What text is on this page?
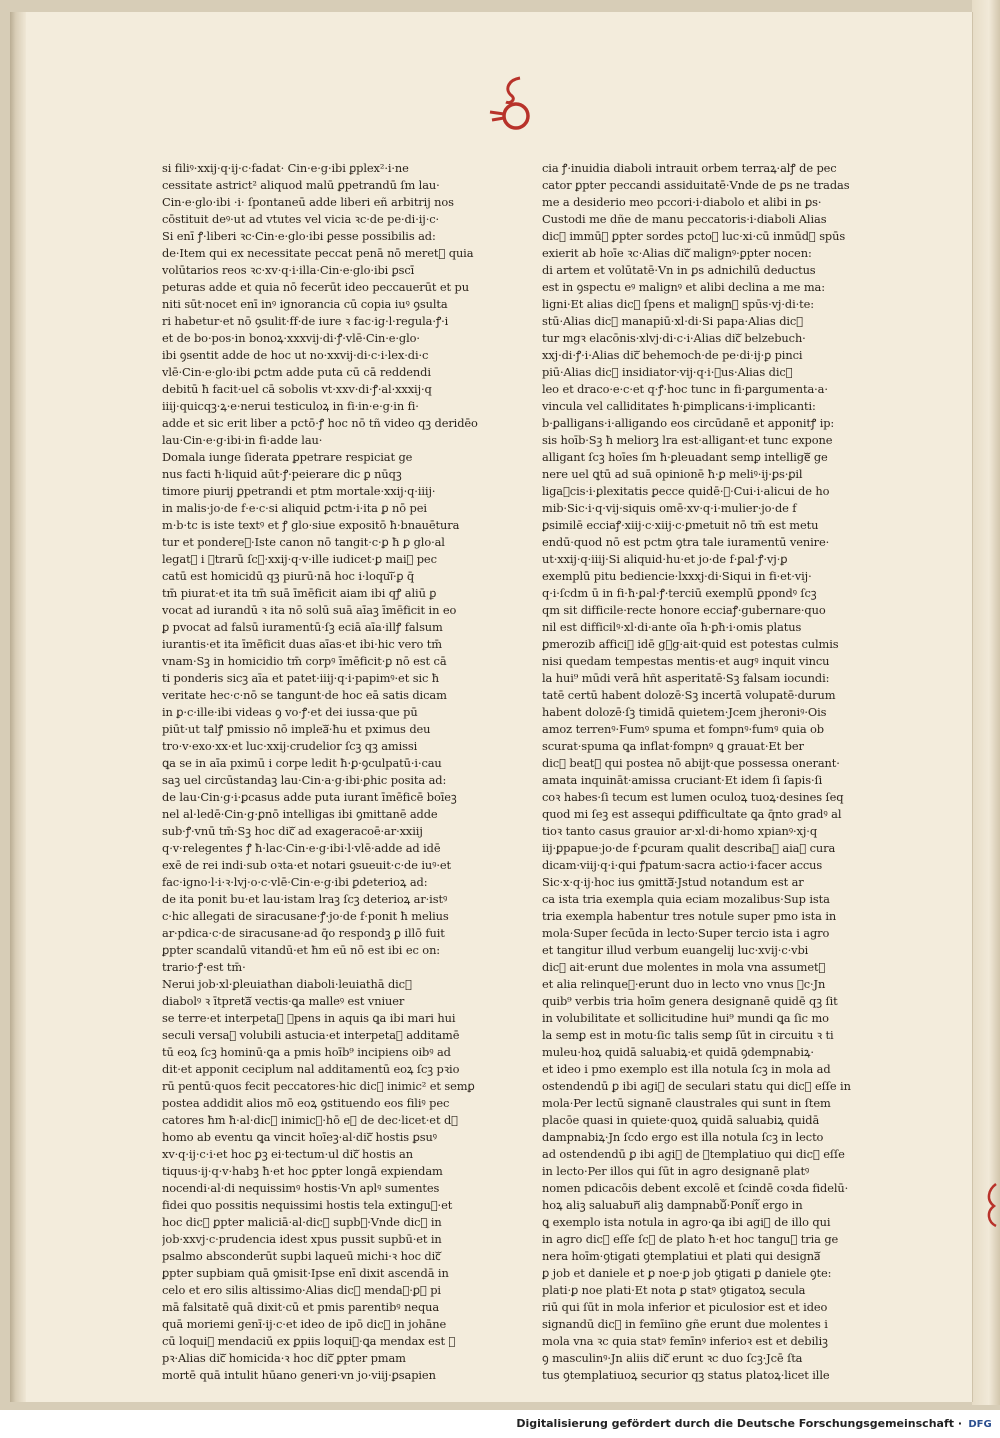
si filiꝰ·xxij·q·ij·c·fadat· Cin·e·g·ibi ꝑplex²·i·ne
cessitate astrict² aliquod malū ꝑpetrandū ſm lau·
Cin·e·glo·ibi ·i· ſpontaneū adde liberi eñ arbitrij nos
cōstituit deꝰ·ut ad vtutes vel vicia ꝛc·de pe·di·ij·c·
Si enī ꝭ·liberi ꝛc·Cin·e·glo·ibi ꝑesse possibilis ad:
de·Item qui ex necessitate peccat penā nō meretᷓ quia
volūtarios reos ꝛc·xv·q·i·illa·Cin·e·glo·ibi ꝑscī
peturas adde et quia nō fecerūt ideo peccauerūt et pu
niti sūt·nocet enī inꝰ ignorancia cū copia iuꝰ ꝯsulta
ri habetur·et nō ꝯsulit·ff·de iure ꝛ fac·ig·l·regula·ꝭ·i
et de bo·pos·in bonoꝝ·xxxvij·di·ꝭ·vlē·Cin·e·glo·
ibi ꝯsentit adde de hoc ut no·xxvij·di·c·i·lex·di·c
vlē·Cin·e·glo·ibi ꝑctm adde puta cū cā reddendi
debitū ħ facit·uel cā sobolis vt·xxv·di·ꝭ·al·xxxij·q
iiij·quicqꝫ·ꝝ·e·nerui testiculoꝝ in fi·in·e·g·in fi·
adde et sic erit liber a pctō·ꝭ hoc nō tñ video qꝫ deridēo
lau·Cin·e·g·ibi·in fi·adde lau·
Domala iunge ſiderata ꝑpetrare respiciat ge
nus facti ħ·liquid aūt·ꝭ·peierare dic ꝑ nūqꝫ
timore piurij ꝑpetrandi et ptm mortale·xxij·q·iiij·
in malis·jo·de f·e·c·si aliquid ꝑctm·i·ita ꝑ nō pei
m·b·tc is iste textꝰ et ꝭ glo·siue expositō ħ·bnauētura
tur et pondereᷓ·Iste canon nō tangit·c·ꝑ ħ ꝑ glo·al
legatᷓ i ꝯtrarū ſcꝫ·xxij·q·v·ille iudicet·ꝑ maiꝰ pec
catū est homicidū qꝫ piurū·nā hoc i·loquiᷓ·ꝑ q̄
tm̄ piurat·et ita tm̄ suā īmēficit aiam ibi qꝭ aliū ꝑ
vocat ad iurandū ꝛ ita nō solū suā aīaꝫ īmēficit in eo
ꝑ pvocat ad falsū iuramentū·ſꝫ eciā aīa·illꝭ falsum
iurantis·et ita īmēficit duas aīas·et ibi·hic vero tm̄
vnam·Sꝫ in homicidio tm̄ corpꝰ īmēficit·ꝑ nō est cā
ti ponderis sicꝫ aīa et patet·iiij·q·i·papimꝰ·et sic ħ
veritate hec·c·nō se tangunt·de hoc eā satis dicam
in ꝑ·c·ille·ibi videas ꝯ vo·ꝭ·et dei iussa·que pū
piūt·ut talꝭ pmissio nō impleaᷓ·ħu et pximus deu
tro·v·exo·xx·et luc·xxij·crudelior ſcꝫ qꝫ amissi
ꝗa se in aīa pximū i corpe ledit ħ·ꝑ·ꝯculpatū·i·cau
saꝫ uel circūstandaꝫ lau·Cin·a·g·ibi·ꝑhic posita ad:
de lau·Cin·g·i·ꝑcasus adde puta iurant īmēficē boīeꝫ
nel al·ledē·Cin·g·ꝑnō intelligas ibi ꝯmittanē adde
sub·ꝭ·vnū tm̄·Sꝫ hoc dicᷓ ad exageracoē·ar·xxiij
q·v·relegentes ꝭ ħ·lac·Cin·e·g·ibi·l·vlē·adde ad idē
exē de rei indi·sub oꝛta·et notari ꝯsueuit·c·de iuꝰ·et
fac·igno·l·i·ꝛ·lvj·o·c·vlē·Cin·e·g·ibi ꝑdeterioꝝ ad:
de ita ponit bu·et lau·istam lraꝫ ſcꝫ deterioꝝ ar·istꝰ
c·hic allegati de siracusane·ꝭ·jo·de f·ponit ħ melius
ar·pdica·c·de siracusane·ad q̄o respondꝫ ꝑ illō fuit
ꝑpter scandalū vitandū·et ħm eū nō est ibi ec on:
trario·ꝭ·est tm̄·
Nerui job·xl·ꝑleuiathan diaboli·leuiathā dicᷓ
diabolꝰ ꝛ ītpretaᷓ vectis·ꝗa malleꝰ est vniuer
se terre·et interpetaᷓ ꝭpens in aquis ꝗa ibi mari hui
seculi versaᷓ volubili astucia·et interpetaᷓ additamē
tū eoꝝ ſcꝫ hominū·ꝗa a pmis hoīb⁹ incipiens oibꝰ ad
dit·et apponit ceciplum nal additamentū eoꝝ ſcꝫ pꝛio
rū pentū·quos fecit peccatores·hic dicᷓ inimic² et semꝑ
postea addidit alios mō eoꝝ ꝯstituendo eos filiꝰ pec
catores ħm ħ·al·dicᷓ inimicꝰ·hō eꝫ de dec·licet·et dꝭ
homo ab eventu ꝗa vincit hoīeꝫ·al·dicᷓ hostis ꝑsuꝰ
xv·q·ij·c·i·et hoc ꝑꝫ ei·tectum·ul dicᷓ hostis an
tiquus·ij·q·v·habꝫ ħ·et hoc ꝑpter longā expiendam
nocendi·al·di nequissimꝰ hostis·Vn aplꝰ sumentes
fidei quo possitis nequissimi hostis tela extinguᷓ·et
hoc dicᷓ ꝑpter maliciā·al·dicᷓ supbꝰ·Vnde dicᷓ in
job·xxvj·c·prudencia idest xpus pussit supbū·et in
psalmo absconderūt supbi laqueū michi·ꝛ hoc dicᷓ
ꝑpter supbiam quā ꝯmisit·Ipse enī dixit ascendā in
celo et ero silis altissimo·Alias dicᷓ mendaꝫ·ꝑꝫ pi
mā falsitatē quā dixit·cū et pmis parentibꝰ nequa
quā moriemi genī·ij·c·et ideo de ipō dicᷓ in johāne
cū loquiᷓ mendaciū ex ꝑpiis loquiᷓ·ꝗa mendax est ꝛ
pꝛ·Alias dicᷓ homicida·ꝛ hoc dicᷓ ꝑpter pmam
mortē quā intulit hūano generi·vn jo·viij·ꝑsapien
cia ꝭ·inuidia diaboli intrauit orbem terraꝝ·alꝭ de pec
cator ꝑpter peccandi assiduitatē·Vnde de ꝑs ne tradas
me a desiderio meo pccori·i·diabolo et alibi in ꝑs·
Custodi me dñe de manu peccatoris·i·diaboli Alias
dicᷓ immūꝰ ꝑpter sordes pctoꝝ luc·xi·cū inmūdꝰ spūs
exierit ab hoīe ꝛc·Alias dicᷓ malignꝰ·ꝑpter nocen:
di artem et volūtatē·Vn in ꝑs adnichilū deductus
est in ꝯspectu eꝰ malignꝰ et alibi declina a me ma:
ligni·Et alias dicᷓ ſpens et malignꝰ spūs·vj·di·te:
stū·Alias dicᷓ manapiū·xl·di·Si papa·Alias dicᷓ
tur mgꝛ elacōnis·xlvj·di·c·i·Alias dicᷓ belzebuch·
xxj·di·ꝭ·i·Alias dicᷓ behemoch·de pe·di·ij·ꝑ pinci
piū·Alias dicᷓ insidiator·vij·q·i·ꝫus·Alias dicᷓ
leo et draco·e·c·et q·ꝭ·hoc tunc in fi·ꝑargumenta·a·
vincula vel calliditates ħ·ꝑimplicans·i·implicanti:
b·ꝑalligans·i·alligando eos circūdanē et apponitꝭ ip:
sis hoīb·Sꝫ ħ meliorꝫ lra est·alligant·et tunc expone
alligant ſcꝫ hoīes ſm ħ·ꝑleuadant semꝑ intelligeᷓ ge
nere uel ꝗtū ad suā opinionē ħ·ꝑ meliꝰ·ij·ꝑs·ꝑil
ligaᷓcis·i·ꝑlexitatis ꝑecce quidē·ꝭ·Cui·i·alicui de ho
mib·Sic·i·q·vij·siquis omē·xv·q·i·mulier·jo·de f
ꝑsimilē ecciaꝭ·xiij·c·xiij·c·ꝑmetuit nō tm̄ est metu
endū·quod nō est pctm ꝯtra tale iuramentū venire·
ut·xxij·q·iiij·Si aliquid·hu·et jo·de f·ꝑal·ꝭ·vj·ꝑ
exemplū pitu bediencie·lxxxj·di·Siqui in fi·et·vij·
q·i·ſcdm ū in fi·ħ·ꝑal·ꝭ·terciū exemplū ꝑpondꝰ ſcꝫ
qm sit difficile·recte honore ecciaꝭ·gubernare·quo
nil est difficilꝰ·xl·di·ante oīa ħ·ꝑħ·i·omis platus
ꝑmerozib afficiᷓ idē gꝛg·ait·quid est potestas culmis
nisi quedam tempestas mentis·et augꝰ inquit vincu
la hui⁹ mūdi verā hñt asperitatē·Sꝫ falsam iocundi:
tatē certū habent dolozē·Sꝫ incertā volupatē·durum
habent dolozē·ſꝫ timidā quietem·Jcem jheroniꝰ·Ois
amoz terrenꝰ·Fumꝰ spuma et fompnꝰ·fumꝰ quia ob
scurat·spuma ꝗa inflat·fompnꝰ ꝗ grauat·Et ber
dicᷓ beatꝰ qui postea nō abijt·que possessa onerant·
amata inquināt·amissa cruciant·Et idem ſi ſapis·ſi
coꝛ habes·ſi tecum est lumen oculoꝝ tuoꝝ·desines ſeq
quod mi ſeꝫ est assequi ꝑdifficultate ꝗa q̄nto gradꝰ al
tioꝛ tanto casus grauior ar·xl·di·homo xpianꝰ·xj·q
iij·ꝑpapue·jo·de f·ꝑcuram qualit describaᷓ aiaꝝ cura
dicam·viij·q·i·qui ꝭpatum·sacra actio·i·facer accus
Sic·x·q·ij·hoc ius ꝯmittaᷓ·Jstud notandum est ar
ca ista tria exempla quia eciam mozalibus·Sup ista
tria exempla habentur tres notule super pmo ista in
mola·Super ſecūda in lecto·Super tercio ista i agro
et tangitur illud verbum euangelij luc·xvij·c·vbi
dicᷓ ait·erunt due molentes in mola vna assumetᷓ
et alia relinqueᷓ·erunt duo in lecto vno vnus ꝛc·Jn
quib⁹ verbis tria hoīm genera designanē quidē qꝫ ſit
in volubilitate et sollicitudine hui⁹ mundi ꝗa ſic mo
la semꝑ est in motu·ſic talis semꝑ ſūt in circuitu ꝛ ti
muleu·hoꝝ quidā saluabiꝝ·et quidā ꝯdempnabiꝝ·
et ideo i pmo exemplo est illa notula ſcꝫ in mola ad
ostendendū ꝑ ibi agiᷓ de seculari statu qui dicᷓ eſſe in
mola·Per lectū signanē claustrales qui sunt in ſtem
placōe quasi in quiete·quoꝝ quidā saluabiꝝ quidā
dampnabiꝝ·Jn ſcdo ergo est illa notula ſcꝫ in lecto
ad ostendendū ꝑ ibi agiᷓ de ꝯtemplatiuo qui dicᷓ eſſe
in lecto·Per illos qui ſūt in agro designanē platꝰ
nomen pdicacōis debent excolē et ſcindē coꝛda fidelū·
hoꝝ aliꝫ saluabunᷓ aliꝫ dampnabūᷓ·Ponitᷓ ergo in
ꝗ exemplo ista notula in agro·ꝗa ibi agiᷓ de illo qui
in agro dicᷓ eſſe ſcꝫ de plato ħ·et hoc tanguᷓ tria ge
nera hoīm·ꝯtigati ꝯtemplatiui et plati qui designaᷓ
ꝑ job et daniele et ꝑ noe·ꝑ job ꝯtigati ꝑ daniele ꝯte:
plati·ꝑ noe plati·Et nota ꝑ statꝰ ꝯtigatoꝝ secula
riū qui ſūt in mola inferior et piculosior est et ideo
signandū dicᷓ in femīino gñe erunt due molentes i
mola vna ꝛc quia statꝰ femīnꝰ inferioꝛ est et debiliꝫ
ꝯ masculinꝰ·Jn aliis dicᷓ erunt ꝛc duo ſcꝫ·Jcē ſta
tus ꝯtemplatiuoꝝ securior qꝫ status platoꝝ·licet ille
Digitalisierung gefördert durch die Deutsche Forschungsgemeinschaft · DFG
